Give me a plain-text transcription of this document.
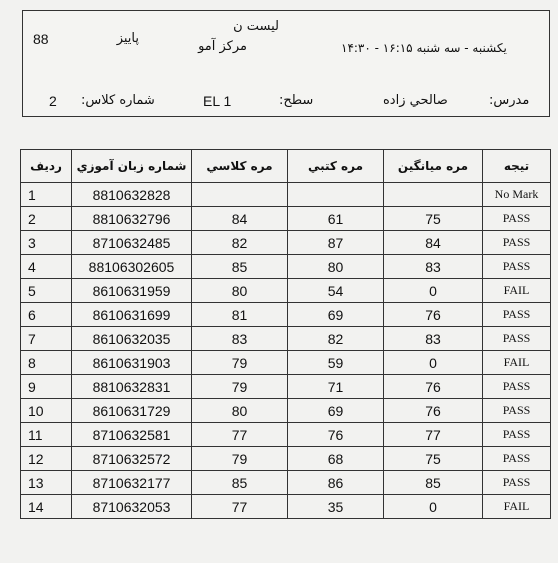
لیست ن
پاییز
88	مرکز آمو	یکشنبه - سه شنبه ۱۶:۱۵ - ۱۴:۳۰
شماره کلاس:
2	EL 1	سطح:	صالحي زاده	مدرس:
رديف	شماره زبان آموزي	مره كلاسي	مره كتبي	مره ميانگين	تيجه
1	8810632828				No Mark
2	8810632796	84	61	75	PASS
3	8710632485	82	87	84	PASS
4	88106302605	85	80	83	PASS
5	8610631959	80	54	0	FAIL
6	8610631699	81	69	76	PASS
7	8610632035	83	82	83	PASS
8	8610631903	79	59	0	FAIL
9	8810632831	79	71	76	PASS
10	8610631729	80	69	76	PASS
11	8710632581	77	76	77	PASS
12	8710632572	79	68	75	PASS
13	8710632177	85	86	85	PASS
14	8710632053	77	35	0	FAIL
